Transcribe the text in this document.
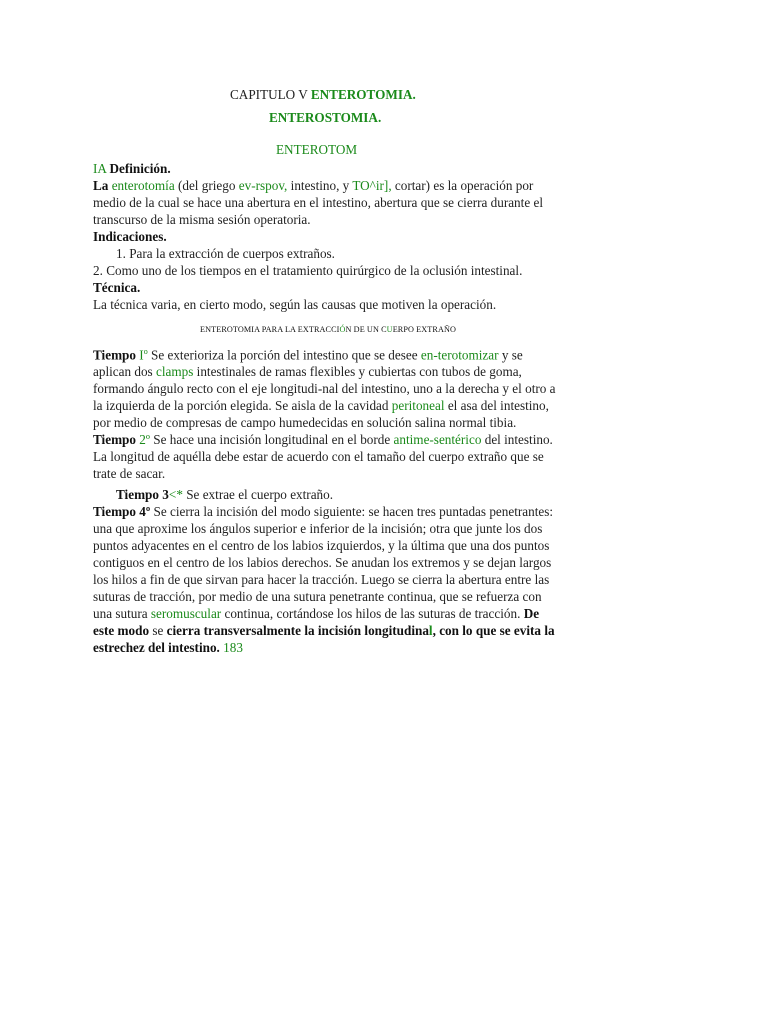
CAPITULO V ENTEROTOMIA.

ENTEROSTOMIA.

ENTEROTOM

IA Definición.

La enterotomía (del griego ev-rspov, intestino, y TO^ir], cortar) es la operación por medio de la cual se hace una abertura en el intestino, abertura que se cierra durante el transcurso de la misma sesión operatoria.

Indicaciones.

1. Para la extracción de cuerpos extraños.

2. Como uno de los tiempos en el tratamiento quirúrgico de la oclusión intestinal. Técnica.

La técnica varia, en cierto modo, según las causas que motiven la operación.

ENTEROTOMIA PARA LA EXTRACCIÓN DE UN CUERPO EXTRAÑO

Tiempo $I^o$ Se exterioriza la porción del intestino que se desee en-terotomizar y se aplican dos clamps intestinales de ramas flexibles y cubiertas con tubos de goma, formando ángulo recto con el eje longitudi-nal del intestino, uno a la derecha y el otro a la izquierda de la porción elegida. Se aisla de la cavidad peritoneal el asa del intestino, por medio de compresas de campo humedecidas en solución salina normal tibia.

Tiempo 2º Se hace una incisión longitudinal en el borde antime-sentérico del intestino. La longitud de aquélla debe estar de acuerdo con el tamaño del cuerpo extraño que se trate de sacar.

Tiempo 3<* Se extrae el cuerpo extraño.

Tiempo 4º Se cierra la incisión del modo siguiente: se hacen tres puntadas penetrantes: una que aproxime los ángulos superior e inferior de la incisión; otra que junte los dos puntos adyacentes en el centro de los labios izquierdos, y la última que una dos puntos contiguos en el centro de los labios derechos. Se anudan los extremos y se dejan largos los hilos a fin de que sirvan para hacer la tracción. Luego se cierra la abertura entre las suturas de tracción, por medio de una sutura penetrante continua, que se refuerza con una sutura seromuscular continua, cortándose los hilos de las suturas de tracción. De este modo se cierra transversalmente la incisión longitudinal, con lo que se evita la estrechez del intestino. 183
